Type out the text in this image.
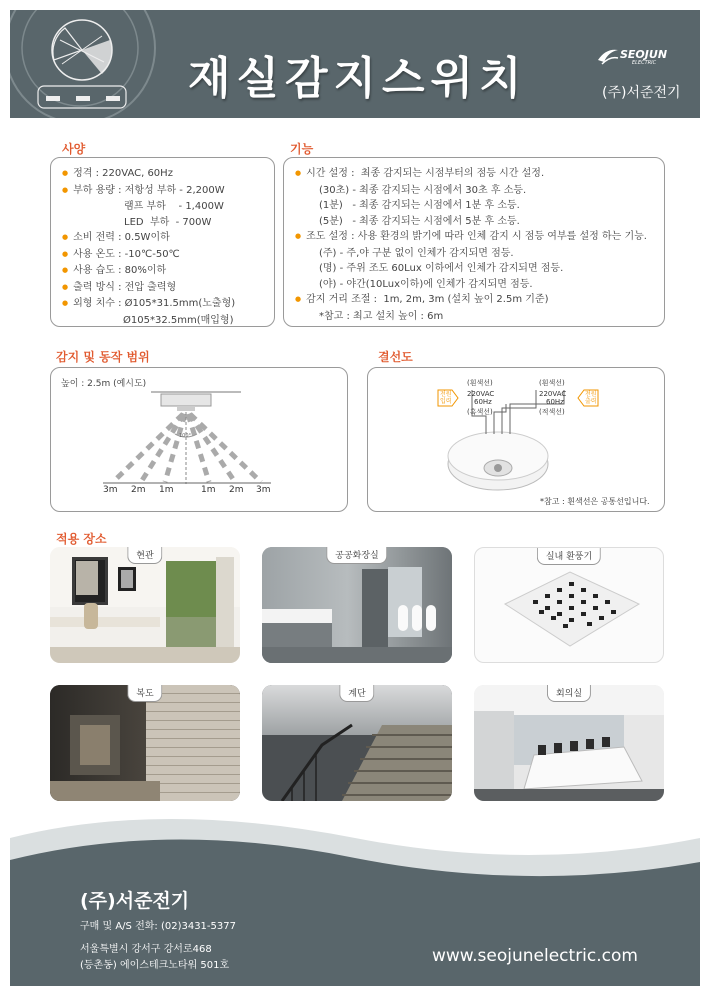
재실감지스위치	SEOJUN
ELECTRIC
(주)서준전기
사양
● 정격 : 220VAC, 60Hz
● 부하 용량 : 저항성 부하 - 2,200W
램프 부하    - 1,400W
LED  부하  - 700W
● 소비 전력 : 0.5W이하
● 사용 온도 : -10℃-50℃
● 사용 습도 : 80%이하
● 출력 방식 : 전압 출력형
● 외형 치수 : Ø105*31.5mm(노출형)
Ø105*32.5mm(매입형)
기능
● 시간 설정 :  최종 감지되는 시점부터의 점등 시간 설정.
(30초) - 최종 감지되는 시점에서 30초 후 소등.
(1분)   - 최종 감지되는 시점에서 1분 후 소등.
(5분)   - 최종 감지되는 시점에서 5분 후 소등.
● 조도 설정 : 사용 환경의 밝기에 따라 인체 감지 시 점등 여부를 설정 하는 기능.
(주) - 주,야 구분 없이 인체가 감지되면 점등.
(명) - 주위 조도 60Lux 이하에서 인체가 감지되면 점등.
(야) - 야간(10Lux이하)에 인체가 감지되면 점등.
● 감지 거리 조절 :  1m, 2m, 3m (설치 높이 2.5m 기준)
*참고 : 최고 설치 높이 : 6m
감지 및 동작 범위
높이 : 2.5m (예시도)
100°
3m 2m 1m	1m 2m 3m
결선도
(흰색선)
220VAC
60Hz
(흑색선)
(흰색선)
220VAC
60Hz
(적색선)
전원
입력
전원
출력
*참고 : 흰색선은 공통선입니다.
적용 장소
현관	공공화장실	실내 환풍기
복도	계단	회의실
(주)서준전기
구매 및 A/S 전화: (02)3431-5377
서울특별시 강서구 강서로468
(등촌동) 에이스테크노타워 501호	www.seojunelectric.com
